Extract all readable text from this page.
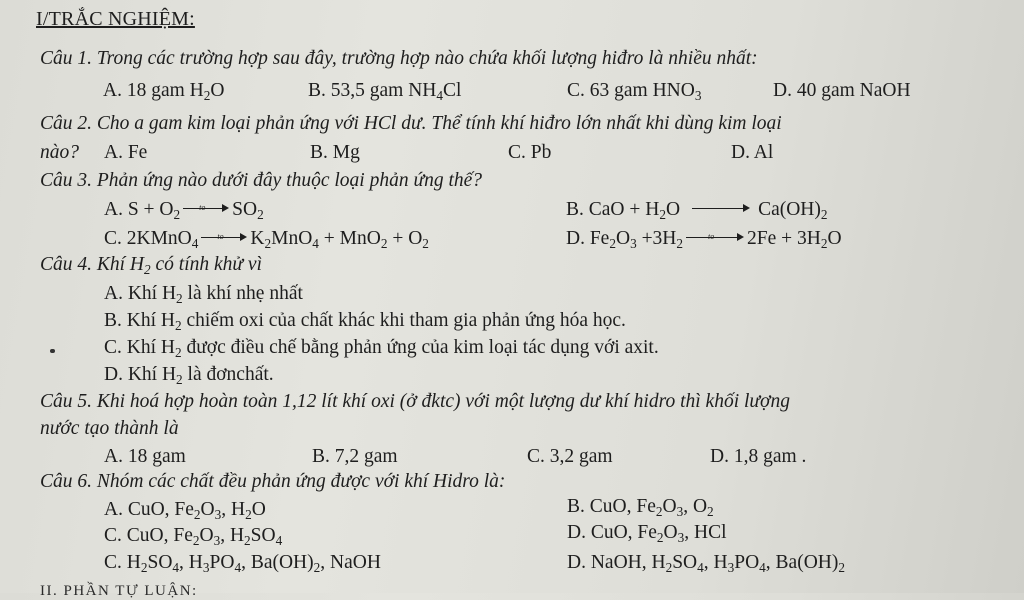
I/TRẮC NGHIỆM:
Câu 1. Trong các trường hợp sau đây, trường hợp nào chứa khối lượng hiđro là nhiều nhất:
A. 18 gam $H_2O$	B. 53,5 gam $NH_4Cl$	C. 63 gam $HNO_3$	D. 40 gam NaOH
Câu 2. Cho a gam kim loại phản ứng với HCl dư. Thể tính khí hiđro lớn nhất khi dùng kim loại
nào? A. Fe	B. Mg	C. Pb	D. Al
Câu 3. Phản ứng nào dưới đây thuộc loại phản ứng thế?
A. $S + O_2$ to $SO_2$	B. CaO + $H_2O$	$Ca(OH)_2$
C. 2KMnO$_4$ to $K_2MnO_4 + MnO_2 + O_2$	D. $Fe_2O_3 +3H_2$	to $2Fe + 3H_2O$
Câu 4. Khí $H_2$ có tính khử vì
A. Khí $H_2$ là khí nhẹ nhất
B. Khí $H_2$ chiếm oxi của chất khác khi tham gia phản ứng hóa học.
C. Khí $H_2$ được điều chế bằng phản ứng của kim loại tác dụng với axit.
D. Khí $H_2$ là đơnchất.
Câu 5. Khi hoá hợp hoàn toàn 1,12 lít khí oxi (ở đktc) với một lượng dư khí hidro thì khối lượng
nước tạo thành là
A. 18 gam	B. 7,2 gam	C. 3,2 gam	D. 1,8 gam .
Câu 6. Nhóm các chất đều phản ứng được với khí Hidro là:
A. CuO, $Fe_2O_3$, $H_2O$	B. CuO, $Fe_2O_3$, $O_2$
C. CuO, $Fe_2O_3$, $H_2SO_4$	D. CuO, $Fe_2O_3$, HCl
C. $H_2SO_4$, $H_3PO_4$, $Ba(OH)_2$, NaOH	D. NaOH, $H_2SO_4$, $H_3PO_4$, $Ba(OH)_2$
II. PHẦN TỰ LUẬN:
